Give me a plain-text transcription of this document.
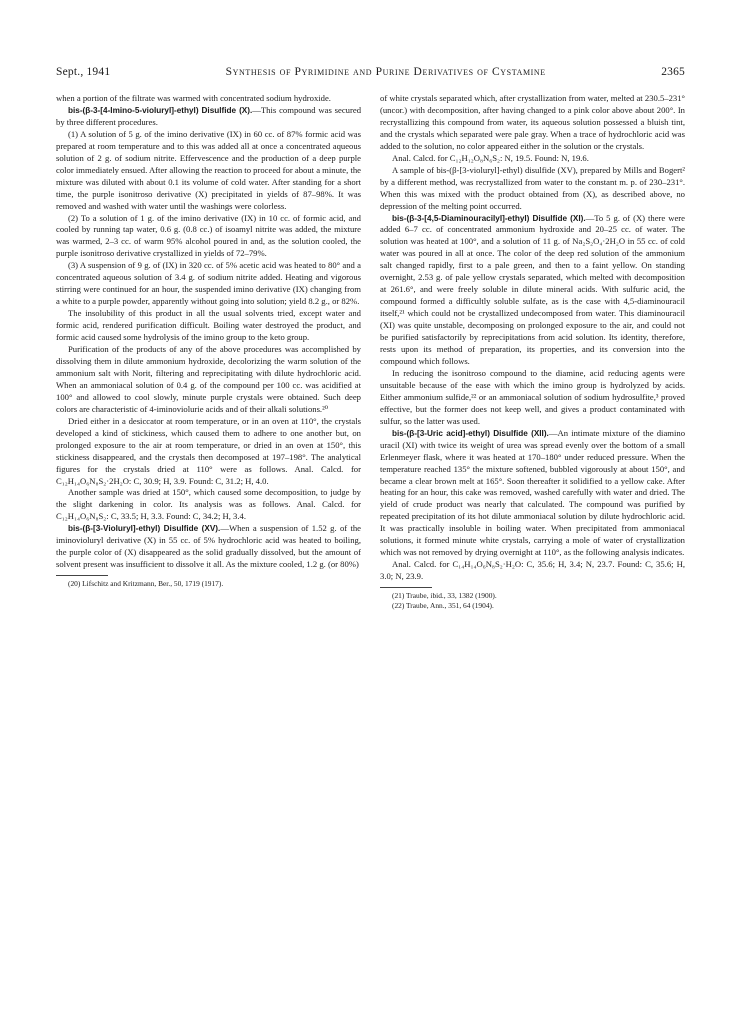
Sept., 1941	Synthesis of Pyrimidine and Purine Derivatives of Cystamine	2365

when a portion of the filtrate was warmed with concentrated sodium hydroxide.

bis-(β-3-[4-Imino-5-violuryl]-ethyl) Disulfide (X).—This compound was secured by three different procedures.

(1) A solution of 5 g. of the imino derivative (IX) in 60 cc. of 87% formic acid was prepared at room temperature and to this was added all at once a concentrated aqueous solution of 2 g. of sodium nitrite. Effervescence and the production of a deep purple color immediately ensued. After allowing the reaction to proceed for about a minute, the mixture was diluted with about 0.1 its volume of cold water. After standing for a short time, the purple isonitroso derivative (X) precipitated in yields of 87–98%. It was removed and washed with water until the washings were colorless.

(2) To a solution of 1 g. of the imino derivative (IX) in 10 cc. of formic acid, and cooled by running tap water, 0.6 g. (0.8 cc.) of isoamyl nitrite was added, the mixture was warmed, 2–3 cc. of warm 95% alcohol poured in and, as the solution cooled, the purple isonitroso derivative crystallized in yields of 72–79%.

(3) A suspension of 9 g. of (IX) in 320 cc. of 5% acetic acid was heated to 80° and a concentrated aqueous solution of 3.4 g. of sodium nitrite added. Heating and vigorous stirring were continued for an hour, the suspended imino derivative (IX) changing from a white to a purple powder, apparently without going into solution; yield 8.2 g., or 82%.

The insolubility of this product in all the usual solvents tried, except water and formic acid, rendered purification difficult. Boiling water destroyed the product, and formic acid caused some hydrolysis of the imino group to the keto group.

Purification of the products of any of the above procedures was accomplished by dissolving them in dilute ammonium hydroxide, decolorizing the warm solution of the ammonium salt with Norit, filtering and reprecipitating with dilute hydrochloric acid. When an ammoniacal solution of 0.4 g. of the compound per 100 cc. was acidified at 100° and allowed to cool slowly, minute purple crystals were obtained. Such deep colors are characteristic of 4-iminoviolurie acids and of their alkali solutions.²⁰

Dried either in a desiccator at room temperature, or in an oven at 110°, the crystals developed a kind of stickiness, which caused them to adhere to one another but, on prolonged exposure to the air at room temperature, or dried in an oven at 150°, this stickiness disappeared, and the crystals then decomposed at 197–198°. The analytical figures for the crystals dried at 110° were as follows. Anal. Calcd. for C₁₂H₁₄O₆N₈S₂·2H₂O: C, 30.9; H, 3.9. Found: C, 31.2; H, 4.0.

Another sample was dried at 150°, which caused some decomposition, to judge by the slight darkening in color. Its analysis was as follows. Anal. Calcd. for C₁₂H₁₄O₆N₈S₂: C, 33.5; H, 3.3. Found: C, 34.2; H, 3.4.

bis-(β-[3-Violuryl]-ethyl) Disulfide (XV).—When a suspension of 1.52 g. of the iminovioluryl derivative (X) in 55 cc. of 5% hydrochloric acid was heated to boiling, the purple color of (X) disappeared as the solid gradually dissolved, but the amount of solvent present was insufficient to dissolve it all. As the mixture cooled, 1.2 g. (or 80%)

(20) Lifschitz and Kritzmann, Ber., 50, 1719 (1917).

of white crystals separated which, after crystallization from water, melted at 230.5–231° (uncor.) with decomposition, after having changed to a pink color above about 200°. In recrystallizing this compound from water, its aqueous solution possessed a bluish tint, and the crystals which separated were pale gray. When a trace of hydrochloric acid was added to the solution, no color appeared either in the solution or the crystals.

Anal. Calcd. for C₁₂H₁₂O₈N₆S₂: N, 19.5. Found: N, 19.6.

A sample of bis-(β-[3-violuryl]-ethyl) disulfide (XV), prepared by Mills and Bogert² by a different method, was recrystallized from water to the constant m. p. of 230–231°. When this was mixed with the product obtained from (X), as described above, no depression of the melting point occurred.

bis-(β-3-[4,5-Diaminouracilyl]-ethyl) Disulfide (XI).—To 5 g. of (X) there were added 6–7 cc. of concentrated ammonium hydroxide and 20–25 cc. of water. The solution was heated at 100°, and a solution of 11 g. of Na₂S₂O₄·2H₂O in 55 cc. of cold water was poured in all at once. The color of the deep red solution of the ammonium salt changed rapidly, first to a pale green, and then to a faint yellow. On standing overnight, 2.53 g. of pale yellow crystals separated, which melted with decomposition at 261.6°, and were freely soluble in dilute mineral acids. With sulfuric acid, the compound formed a difficultly soluble sulfate, as is the case with 4,5-diaminouracil itself,²¹ which could not be crystallized undecomposed from water. This diaminouracil (XI) was quite unstable, decomposing on prolonged exposure to the air, and could not be purified satisfactorily by reprecipitations from acid solution. Its identity, therefore, rests upon its method of preparation, its properties, and its conversion into the compound which follows.

In reducing the isonitroso compound to the diamine, acid reducing agents were unsuitable because of the ease with which the imino group is hydrolyzed by acids. Either ammonium sulfide,²² or an ammoniacal solution of sodium hydrosulfite,³ proved effective, but the former does not keep well, and gives a product contaminated with sulfur, so the latter was used.

bis-(β-[3-Uric acid]-ethyl) Disulfide (XII).—An intimate mixture of the diamino uracil (XI) with twice its weight of urea was spread evenly over the bottom of a small Erlenmeyer flask, where it was heated at 170–180° under reduced pressure. When the temperature reached 135° the mixture softened, bubbled vigorously at about 150°, and became a clear brown melt at 165°. Soon thereafter it solidified to a yellow cake. After heating for an hour, this cake was removed, washed carefully with water and dried. The yield of crude product was nearly that calculated. The compound was purified by repeated precipitation of its hot dilute ammoniacal solution by dilute hydrochloric acid. It was practically insoluble in boiling water. When precipitated from ammoniacal solutions, it formed minute white crystals, carrying a mole of water of crystallization which was not removed by drying overnight at 110°, as the following analysis indicates.

Anal. Calcd. for C₁₄H₁₄O₆N₈S₂·H₂O: C, 35.6; H, 3.4; N, 23.7. Found: C, 35.6; H, 3.0; N, 23.9.

(21) Traube, ibid., 33, 1382 (1900).

(22) Traube, Ann., 351, 64 (1904).
